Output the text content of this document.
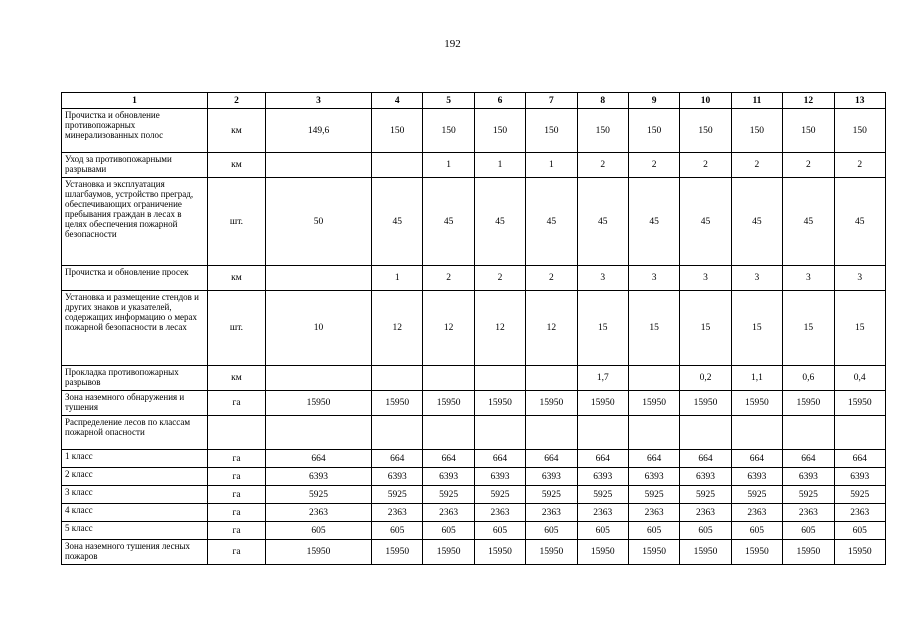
192
1	2	3	4	5	6	7	8	9	10	11	12	13
Прочистка и обновление противопожарных минерализованных полос	км	149,6	150	150	150	150	150	150	150	150	150	150
Уход за противопожарными разрывами	км			1	1	1	2	2	2	2	2	2
Установка и эксплуатация шлагбаумов, устройство преград, обеспечивающих ограничение пребывания граждан в лесах в целях обеспечения пожарной безопасности	шт.	50	45	45	45	45	45	45	45	45	45	45
Прочистка и обновление просек	км		1	2	2	2	3	3	3	3	3	3
Установка и размещение стендов и других знаков и указателей, содержащих информацию о мерах пожарной безопасности в лесах	шт.	10	12	12	12	12	15	15	15	15	15	15
Прокладка противопожарных разрывов	км						1,7		0,2	1,1	0,6	0,4
Зона наземного обнаружения и тушения	га	15950	15950	15950	15950	15950	15950	15950	15950	15950	15950	15950
Распределение лесов по классам пожарной опасности												
1 класс	га	664	664	664	664	664	664	664	664	664	664	664
2 класс	га	6393	6393	6393	6393	6393	6393	6393	6393	6393	6393	6393
3 класс	га	5925	5925	5925	5925	5925	5925	5925	5925	5925	5925	5925
4 класс	га	2363	2363	2363	2363	2363	2363	2363	2363	2363	2363	2363
5 класс	га	605	605	605	605	605	605	605	605	605	605	605
Зона наземного тушения лесных пожаров	га	15950	15950	15950	15950	15950	15950	15950	15950	15950	15950	15950
